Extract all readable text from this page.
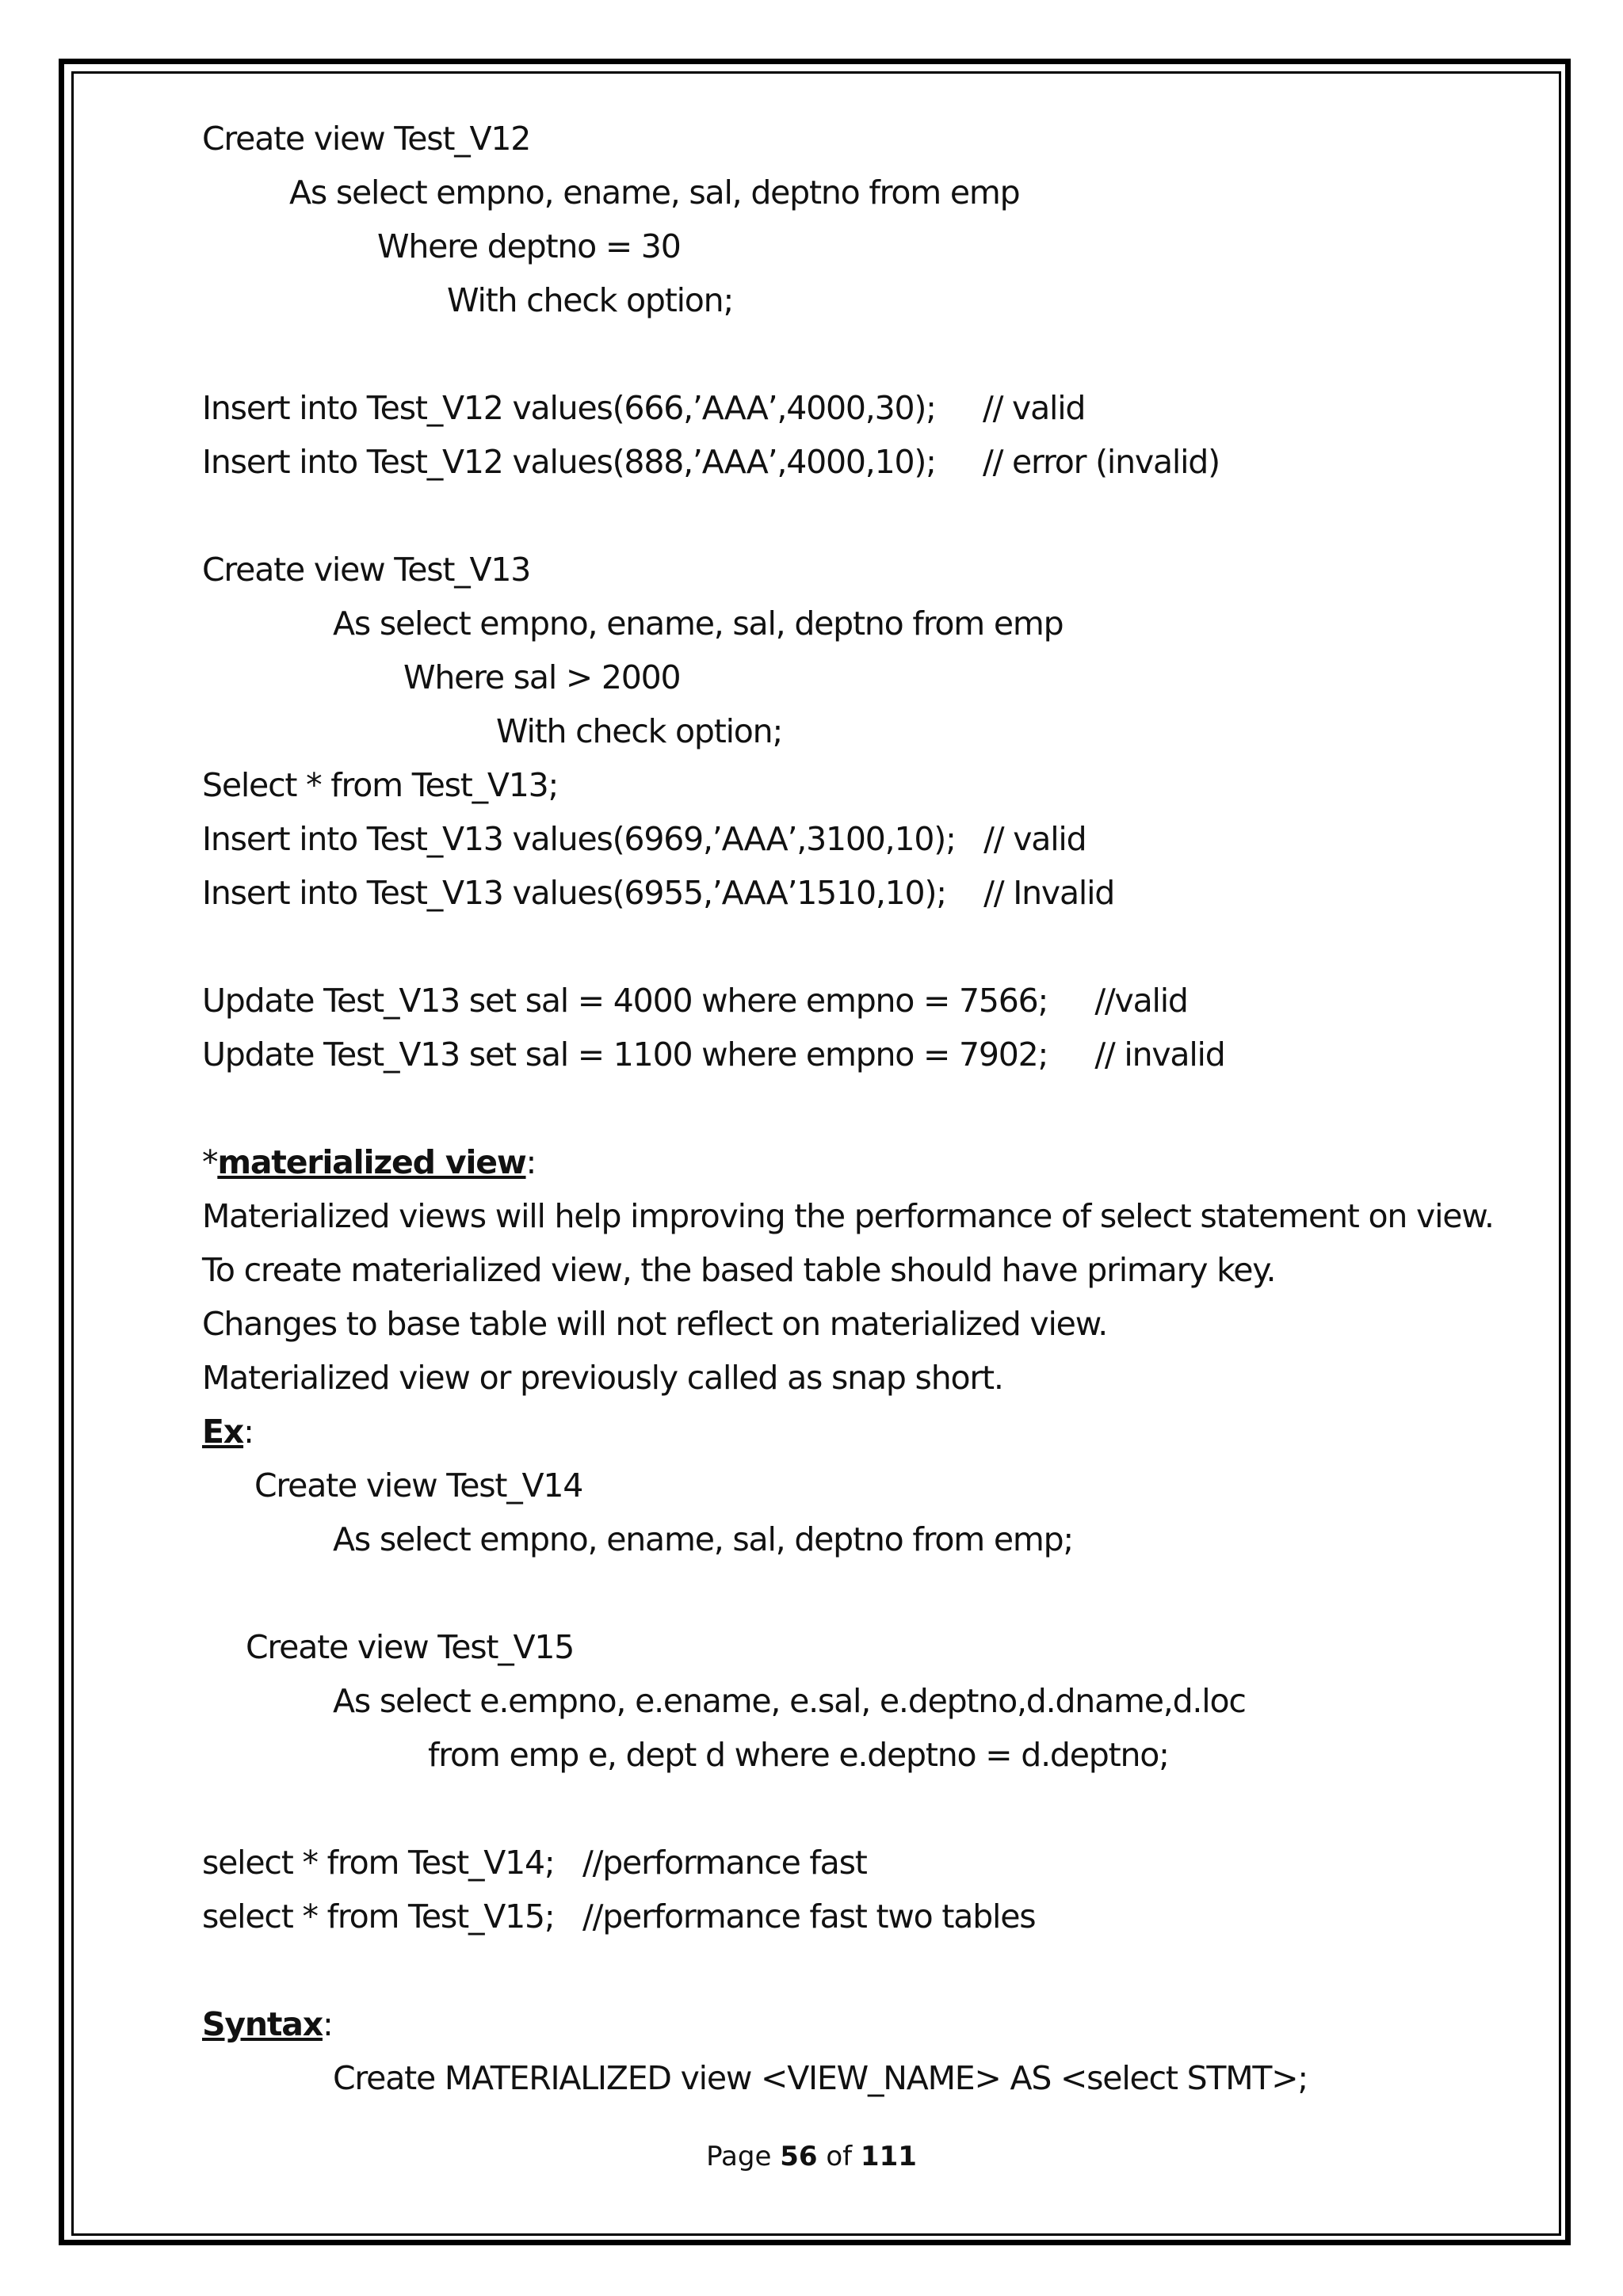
Create view Test_V12
As select empno, ename, sal, deptno from emp
Where deptno = 30
With check option;
Insert into Test_V12 values(666,’AAA’,4000,30);     // valid
Insert into Test_V12 values(888,’AAA’,4000,10);     // error (invalid)
Create view Test_V13
As select empno, ename, sal, deptno from emp
Where sal > 2000
With check option;
Select * from Test_V13;
Insert into Test_V13 values(6969,’AAA’,3100,10);   // valid
Insert into Test_V13 values(6955,’AAA’1510,10);    // Invalid
Update Test_V13 set sal = 4000 where empno = 7566;     //valid
Update Test_V13 set sal = 1100 where empno = 7902;     // invalid
*materialized view:
Materialized views will help improving the performance of select statement on view.
To create materialized view, the based table should have primary key.
Changes to base table will not reflect on materialized view.
Materialized view or previously called as snap short.
Ex:
Create view Test_V14
As select empno, ename, sal, deptno from emp;
Create view Test_V15
As select e.empno, e.ename, e.sal, e.deptno,d.dname,d.loc
from emp e, dept d where e.deptno = d.deptno;
select * from Test_V14;   //performance fast
select * from Test_V15;   //performance fast two tables
Syntax:
Create MATERIALIZED view <VIEW_NAME> AS <select STMT>;
Page 56 of 111
